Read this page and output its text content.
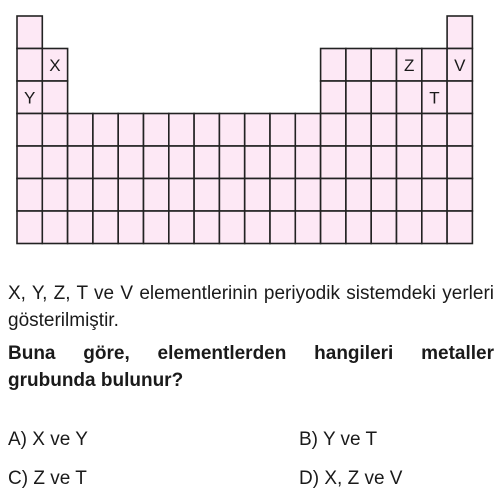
X
Y
Z
T
V
X, Y, Z, T ve V elementlerinin periyodik sistemdeki yerleri gösterilmiştir.
Buna göre, elementlerden hangileri metaller grubunda bulunur?
A) X ve Y	B) Y ve T
C) Z ve T	D) X, Z ve V
